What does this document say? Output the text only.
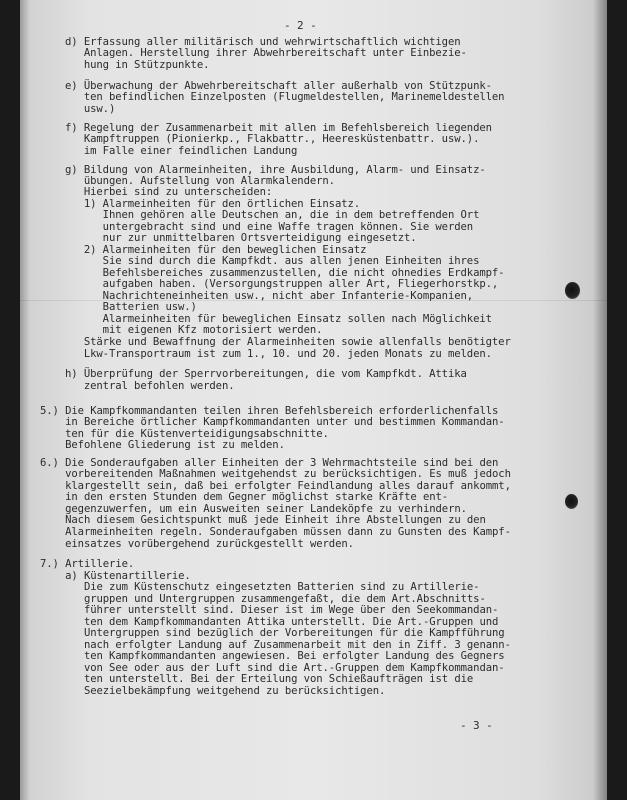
- 2 -
d) Erfassung aller militärisch und wehrwirtschaftlich wichtigen
Anlagen. Herstellung ihrer Abwehrbereitschaft unter Einbezie-
hung in Stützpunkte.
e) Überwachung der Abwehrbereitschaft aller außerhalb von Stützpunk-
ten befindlichen Einzelposten (Flugmeldestellen, Marinemeldestellen
usw.)
f) Regelung der Zusammenarbeit mit allen im Befehlsbereich liegenden
Kampftruppen (Pionierkp., Flakbattr., Heeresküstenbattr. usw.).
im Falle einer feindlichen Landung
g) Bildung von Alarmeinheiten, ihre Ausbildung, Alarm- und Einsatz-
übungen. Aufstellung von Alarmkalendern.
Hierbei sind zu unterscheiden:
1) Alarmeinheiten für den örtlichen Einsatz.
Ihnen gehören alle Deutschen an, die in dem betreffenden Ort
untergebracht sind und eine Waffe tragen können. Sie werden
nur zur unmittelbaren Ortsverteidigung eingesetzt.
2) Alarmeinheiten für den beweglichen Einsatz
Sie sind durch die Kampfkdt. aus allen jenen Einheiten ihres
Befehlsbereiches zusammenzustellen, die nicht ohnedies Erdkampf-
aufgaben haben. (Versorgungstruppen aller Art, Fliegerhorstkp.,
Nachrichteneinheiten usw., nicht aber Infanterie-Kompanien,
Batterien usw.)
Alarmeinheiten für beweglichen Einsatz sollen nach Möglichkeit
mit eigenen Kfz motorisiert werden.
Stärke und Bewaffnung der Alarmeinheiten sowie allenfalls benötigter
Lkw-Transportraum ist zum 1., 10. und 20. jeden Monats zu melden.
h) Überprüfung der Sperrvorbereitungen, die vom Kampfkdt. Attika
zentral befohlen werden.
5.) Die Kampfkommandanten teilen ihren Befehlsbereich erforderlichenfalls
in Bereiche örtlicher Kampfkommandanten unter und bestimmen Kommandan-
ten für die Küstenverteidigungsabschnitte.
Befohlene Gliederung ist zu melden.
6.) Die Sonderaufgaben aller Einheiten der 3 Wehrmachtsteile sind bei den
vorbereitenden Maßnahmen weitgehendst zu berücksichtigen. Es muß jedoch
klargestellt sein, daß bei erfolgter Feindlandung alles darauf ankommt,
in den ersten Stunden dem Gegner möglichst starke Kräfte ent-
gegenzuwerfen, um ein Ausweiten seiner Landeköpfe zu verhindern.
Nach diesem Gesichtspunkt muß jede Einheit ihre Abstellungen zu den
Alarmeinheiten regeln. Sonderaufgaben müssen dann zu Gunsten des Kampf-
einsatzes vorübergehend zurückgestellt werden.
7.) Artillerie.
a) Küstenartillerie.
Die zum Küstenschutz eingesetzten Batterien sind zu Artillerie-
gruppen und Untergruppen zusammengefaßt, die dem Art.Abschnitts-
führer unterstellt sind. Dieser ist im Wege über den Seekommandan-
ten dem Kampfkommandanten Attika unterstellt. Die Art.-Gruppen und
Untergruppen sind bezüglich der Vorbereitungen für die Kampfführung
nach erfolgter Landung auf Zusammenarbeit mit den in Ziff. 3 genann-
ten Kampfkommandanten angewiesen. Bei erfolgter Landung des Gegners
von See oder aus der Luft sind die Art.-Gruppen dem Kampfkommandan-
ten unterstellt. Bei der Erteilung von Schießaufträgen ist die
Seezielbekämpfung weitgehend zu berücksichtigen.
- 3 -
